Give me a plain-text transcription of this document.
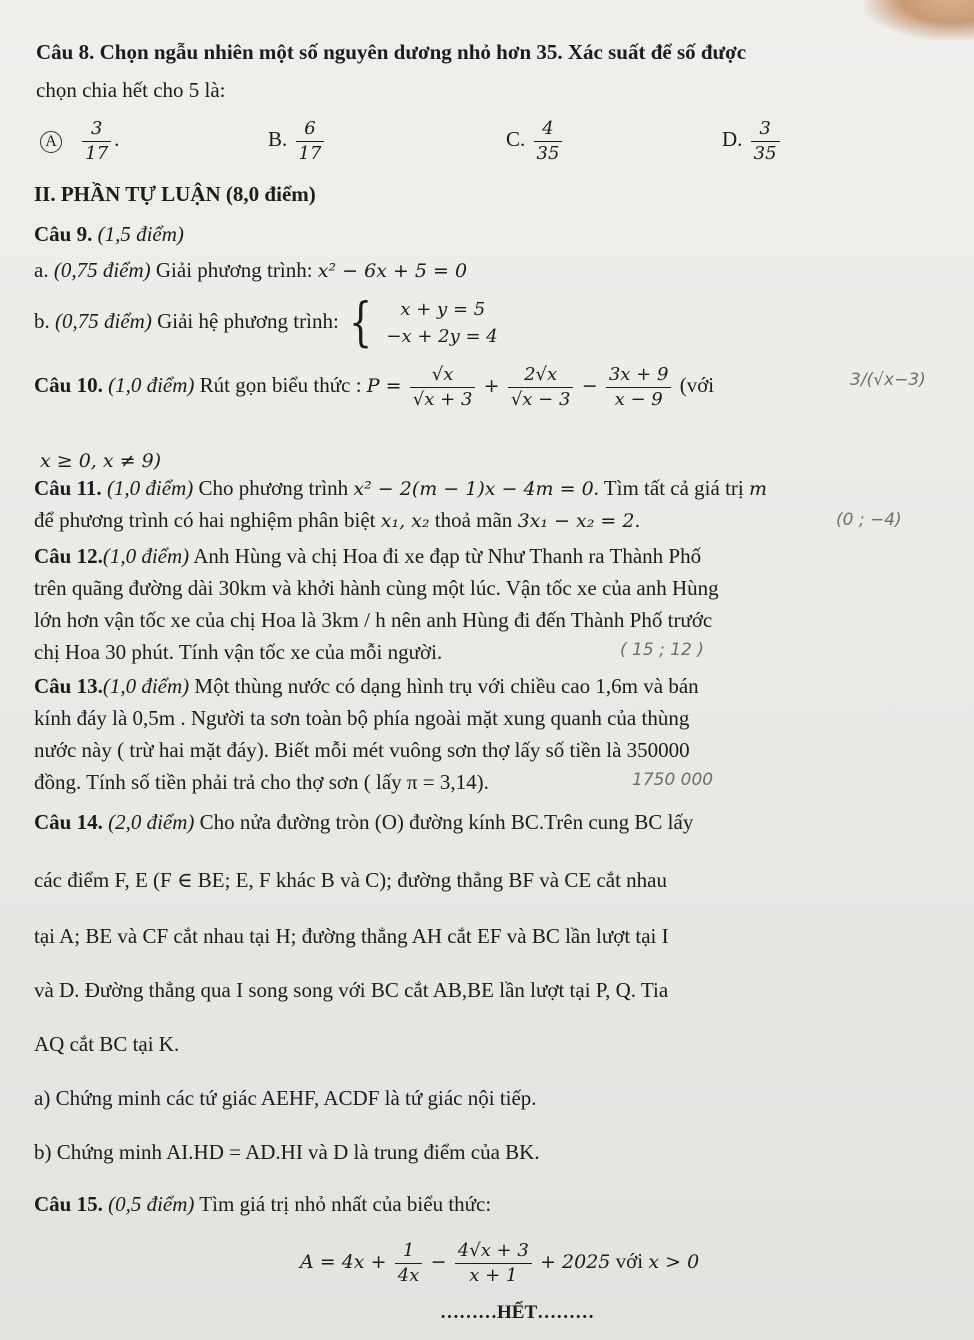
Câu 8. Chọn ngẫu nhiên một số nguyên dương nhỏ hơn 35. Xác suất để số được
chọn chia hết cho 5 là:
A $\frac{3}{17}$ .	B. $\frac{6}{17}$	C. $\frac{4}{35}$	D. $\frac{3}{35}$
II. PHẦN TỰ LUẬN (8,0 điểm)
Câu 9. (1,5 điểm)
a. (0,75 điểm) Giải phương trình: x² − 6x + 5 = 0
b. (0,75 điểm) Giải hệ phương trình: {	x + y = 5
−x + 2y = 4
Câu 10. (1,0 điểm) Rút gọn biểu thức : $P = \frac{√x}{√x + 3} + \frac{2√x}{√x - 3} - \frac{3x + 9}{x - 9}$ (với	3/(√x−3)
x ≥ 0, x ≠ 9)
Câu 11. (1,0 điểm) Cho phương trình x² − 2(m − 1)x − 4m = 0. Tìm tất cả giá trị m
để phương trình có hai nghiệm phân biệt x₁, x₂ thoả mãn 3x₁ − x₂ = 2.	(0 ; −4)
Câu 12.(1,0 điểm) Anh Hùng và chị Hoa đi xe đạp từ Như Thanh ra Thành Phố
trên quãng đường dài 30km và khởi hành cùng một lúc. Vận tốc xe của anh Hùng
lớn hơn vận tốc xe của chị Hoa là 3km / h nên anh Hùng đi đến Thành Phố trước
chị Hoa 30 phút. Tính vận tốc xe của mỗi người.	( 15 ; 12 )
Câu 13.(1,0 điểm) Một thùng nước có dạng hình trụ với chiều cao 1,6m và bán
kính đáy là 0,5m . Người ta sơn toàn bộ phía ngoài mặt xung quanh của thùng
nước này ( trừ hai mặt đáy). Biết mỗi mét vuông sơn thợ lấy số tiền là 350000
đồng. Tính số tiền phải trả cho thợ sơn ( lấy π = 3,14).	1750 000
Câu 14. (2,0 điểm) Cho nửa đường tròn (O) đường kính BC.Trên cung BC lấy
các điểm F, E (F ∈ BE; E, F khác B và C); đường thẳng BF và CE cắt nhau
tại A; BE và CF cắt nhau tại H; đường thẳng AH cắt EF và BC lần lượt tại I
và D. Đường thẳng qua I song song với BC cắt AB,BE lần lượt tại P, Q. Tia
AQ cắt BC tại K.
a) Chứng minh các tứ giác AEHF, ACDF là tứ giác nội tiếp.
b) Chứng minh AI.HD = AD.HI và D là trung điểm của BK.
Câu 15. (0,5 điểm) Tìm giá trị nhỏ nhất của biểu thức:
$A = 4x + \frac{1}{4x} - \frac{4√x + 3}{x + 1} + 2025$ với x > 0
………HẾT………
